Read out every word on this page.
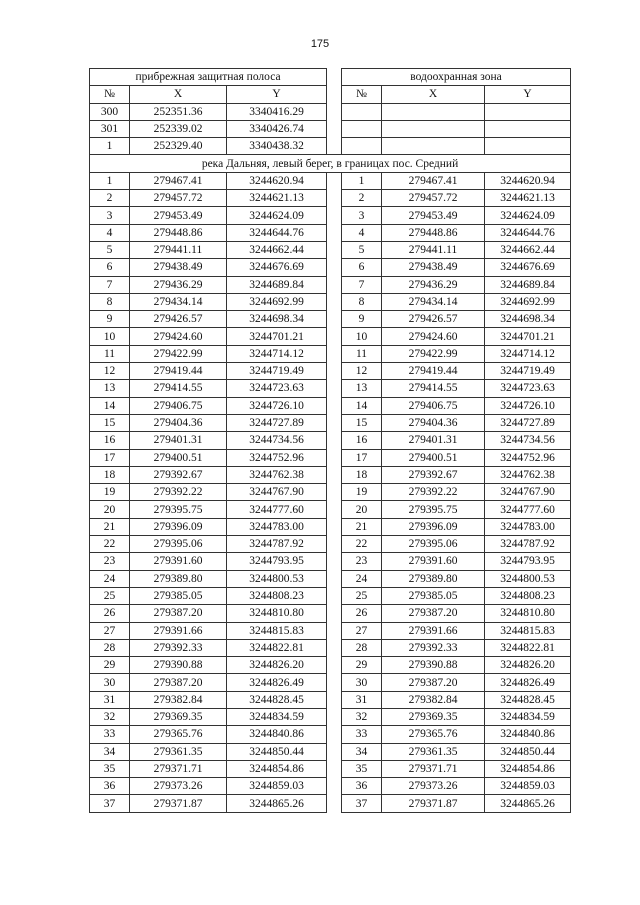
175
прибрежная защитная полоса				водоохранная зона		
№	X	Y		№	X	Y
300	252351.36	3340416.29				
301	252339.02	3340426.74				
1	252329.40	3340438.32				
река Дальняя, левый берег, в границах пос. Средний						
1	279467.41	3244620.94		1	279467.41	3244620.94
2	279457.72	3244621.13		2	279457.72	3244621.13
3	279453.49	3244624.09		3	279453.49	3244624.09
4	279448.86	3244644.76		4	279448.86	3244644.76
5	279441.11	3244662.44		5	279441.11	3244662.44
6	279438.49	3244676.69		6	279438.49	3244676.69
7	279436.29	3244689.84		7	279436.29	3244689.84
8	279434.14	3244692.99		8	279434.14	3244692.99
9	279426.57	3244698.34		9	279426.57	3244698.34
10	279424.60	3244701.21		10	279424.60	3244701.21
11	279422.99	3244714.12		11	279422.99	3244714.12
12	279419.44	3244719.49		12	279419.44	3244719.49
13	279414.55	3244723.63		13	279414.55	3244723.63
14	279406.75	3244726.10		14	279406.75	3244726.10
15	279404.36	3244727.89		15	279404.36	3244727.89
16	279401.31	3244734.56		16	279401.31	3244734.56
17	279400.51	3244752.96		17	279400.51	3244752.96
18	279392.67	3244762.38		18	279392.67	3244762.38
19	279392.22	3244767.90		19	279392.22	3244767.90
20	279395.75	3244777.60		20	279395.75	3244777.60
21	279396.09	3244783.00		21	279396.09	3244783.00
22	279395.06	3244787.92		22	279395.06	3244787.92
23	279391.60	3244793.95		23	279391.60	3244793.95
24	279389.80	3244800.53		24	279389.80	3244800.53
25	279385.05	3244808.23		25	279385.05	3244808.23
26	279387.20	3244810.80		26	279387.20	3244810.80
27	279391.66	3244815.83		27	279391.66	3244815.83
28	279392.33	3244822.81		28	279392.33	3244822.81
29	279390.88	3244826.20		29	279390.88	3244826.20
30	279387.20	3244826.49		30	279387.20	3244826.49
31	279382.84	3244828.45		31	279382.84	3244828.45
32	279369.35	3244834.59		32	279369.35	3244834.59
33	279365.76	3244840.86		33	279365.76	3244840.86
34	279361.35	3244850.44		34	279361.35	3244850.44
35	279371.71	3244854.86		35	279371.71	3244854.86
36	279373.26	3244859.03		36	279373.26	3244859.03
37	279371.87	3244865.26		37	279371.87	3244865.26
